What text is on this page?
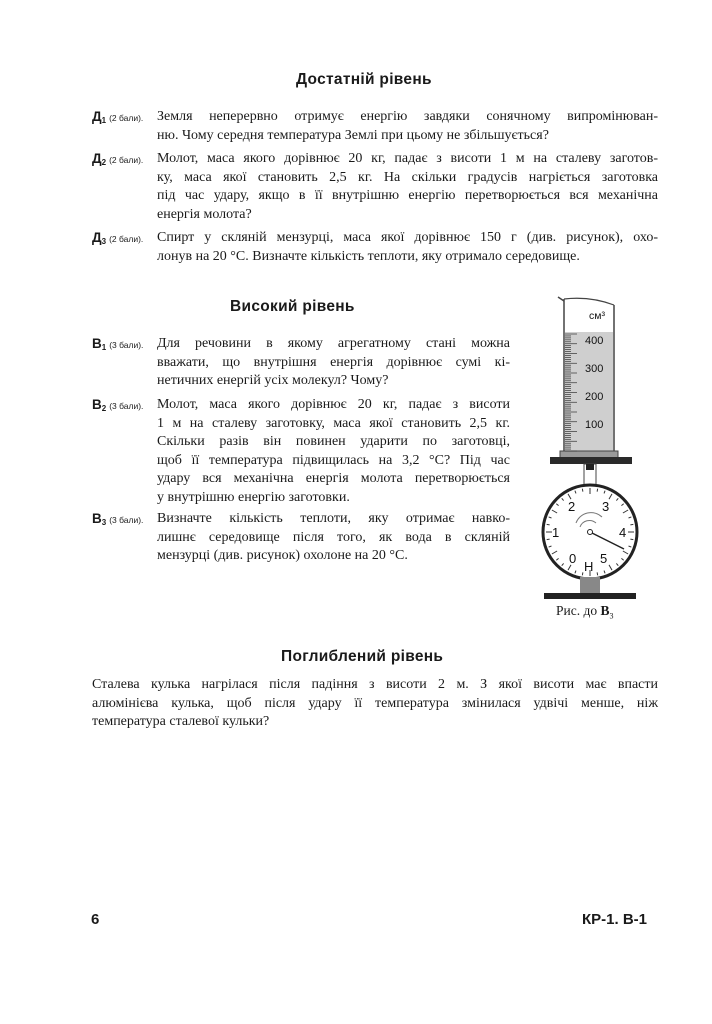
Достатній рівень
$Д_1$ (2 бали). Земля неперервно отримує енергію завдяки сонячному випромінюван-
ню. Чому середня температура Землі при цьому не збільшується?
$Д_2$ (2 бали). Молот, маса якого дорівнює 20 кг, падає з висоти 1 м на сталеву заготов-
ку, маса якої становить 2,5 кг. На скільки градусів нагріється заготовка
під час удару, якщо в її внутрішню енергію перетворюється вся механічна
енергія молота?
$Д_3$ (2 бали). Спирт у скляній мензурці, маса якої дорівнює 150 г (див. рисунок), охо-
лонув на 20 °С. Визначте кількість теплоти, яку отримало середовище.
Високий рівень
$В_1$ (3 бали). Для речовини в якому агрегатному стані можна
вважати, що внутрішня енергія дорівнює сумі кі-
нетичних енергій усіх молекул? Чому?
$В_2$ (3 бали). Молот, маса якого дорівнює 20 кг, падає з висоти
1 м на сталеву заготовку, маса якої становить 2,5 кг.
Скільки разів він повинен ударити по заготовці,
щоб її температура підвищилась на 3,2 °С? Під час
удару вся механічна енергія молота перетворюється
у внутрішню енергію заготовки.
$В_3$ (3 бали). Визначте кількість теплоти, яку отримає навко-
лишнє середовище після того, як вода в скляній
мензурці (див. рисунок) охолоне на 20 °С.
см³
400
300
200
100
0
1
2 3
4
5
Н
Рис. до $В_3$
Поглиблений рівень
Сталева кулька нагрілася після падіння з висоти 2 м. З якої висоти має впасти
алюмінієва кулька, щоб після удару її температура змінилася удвічі менше, ніж
температура сталевої кульки?
6	КР-1. В-1
